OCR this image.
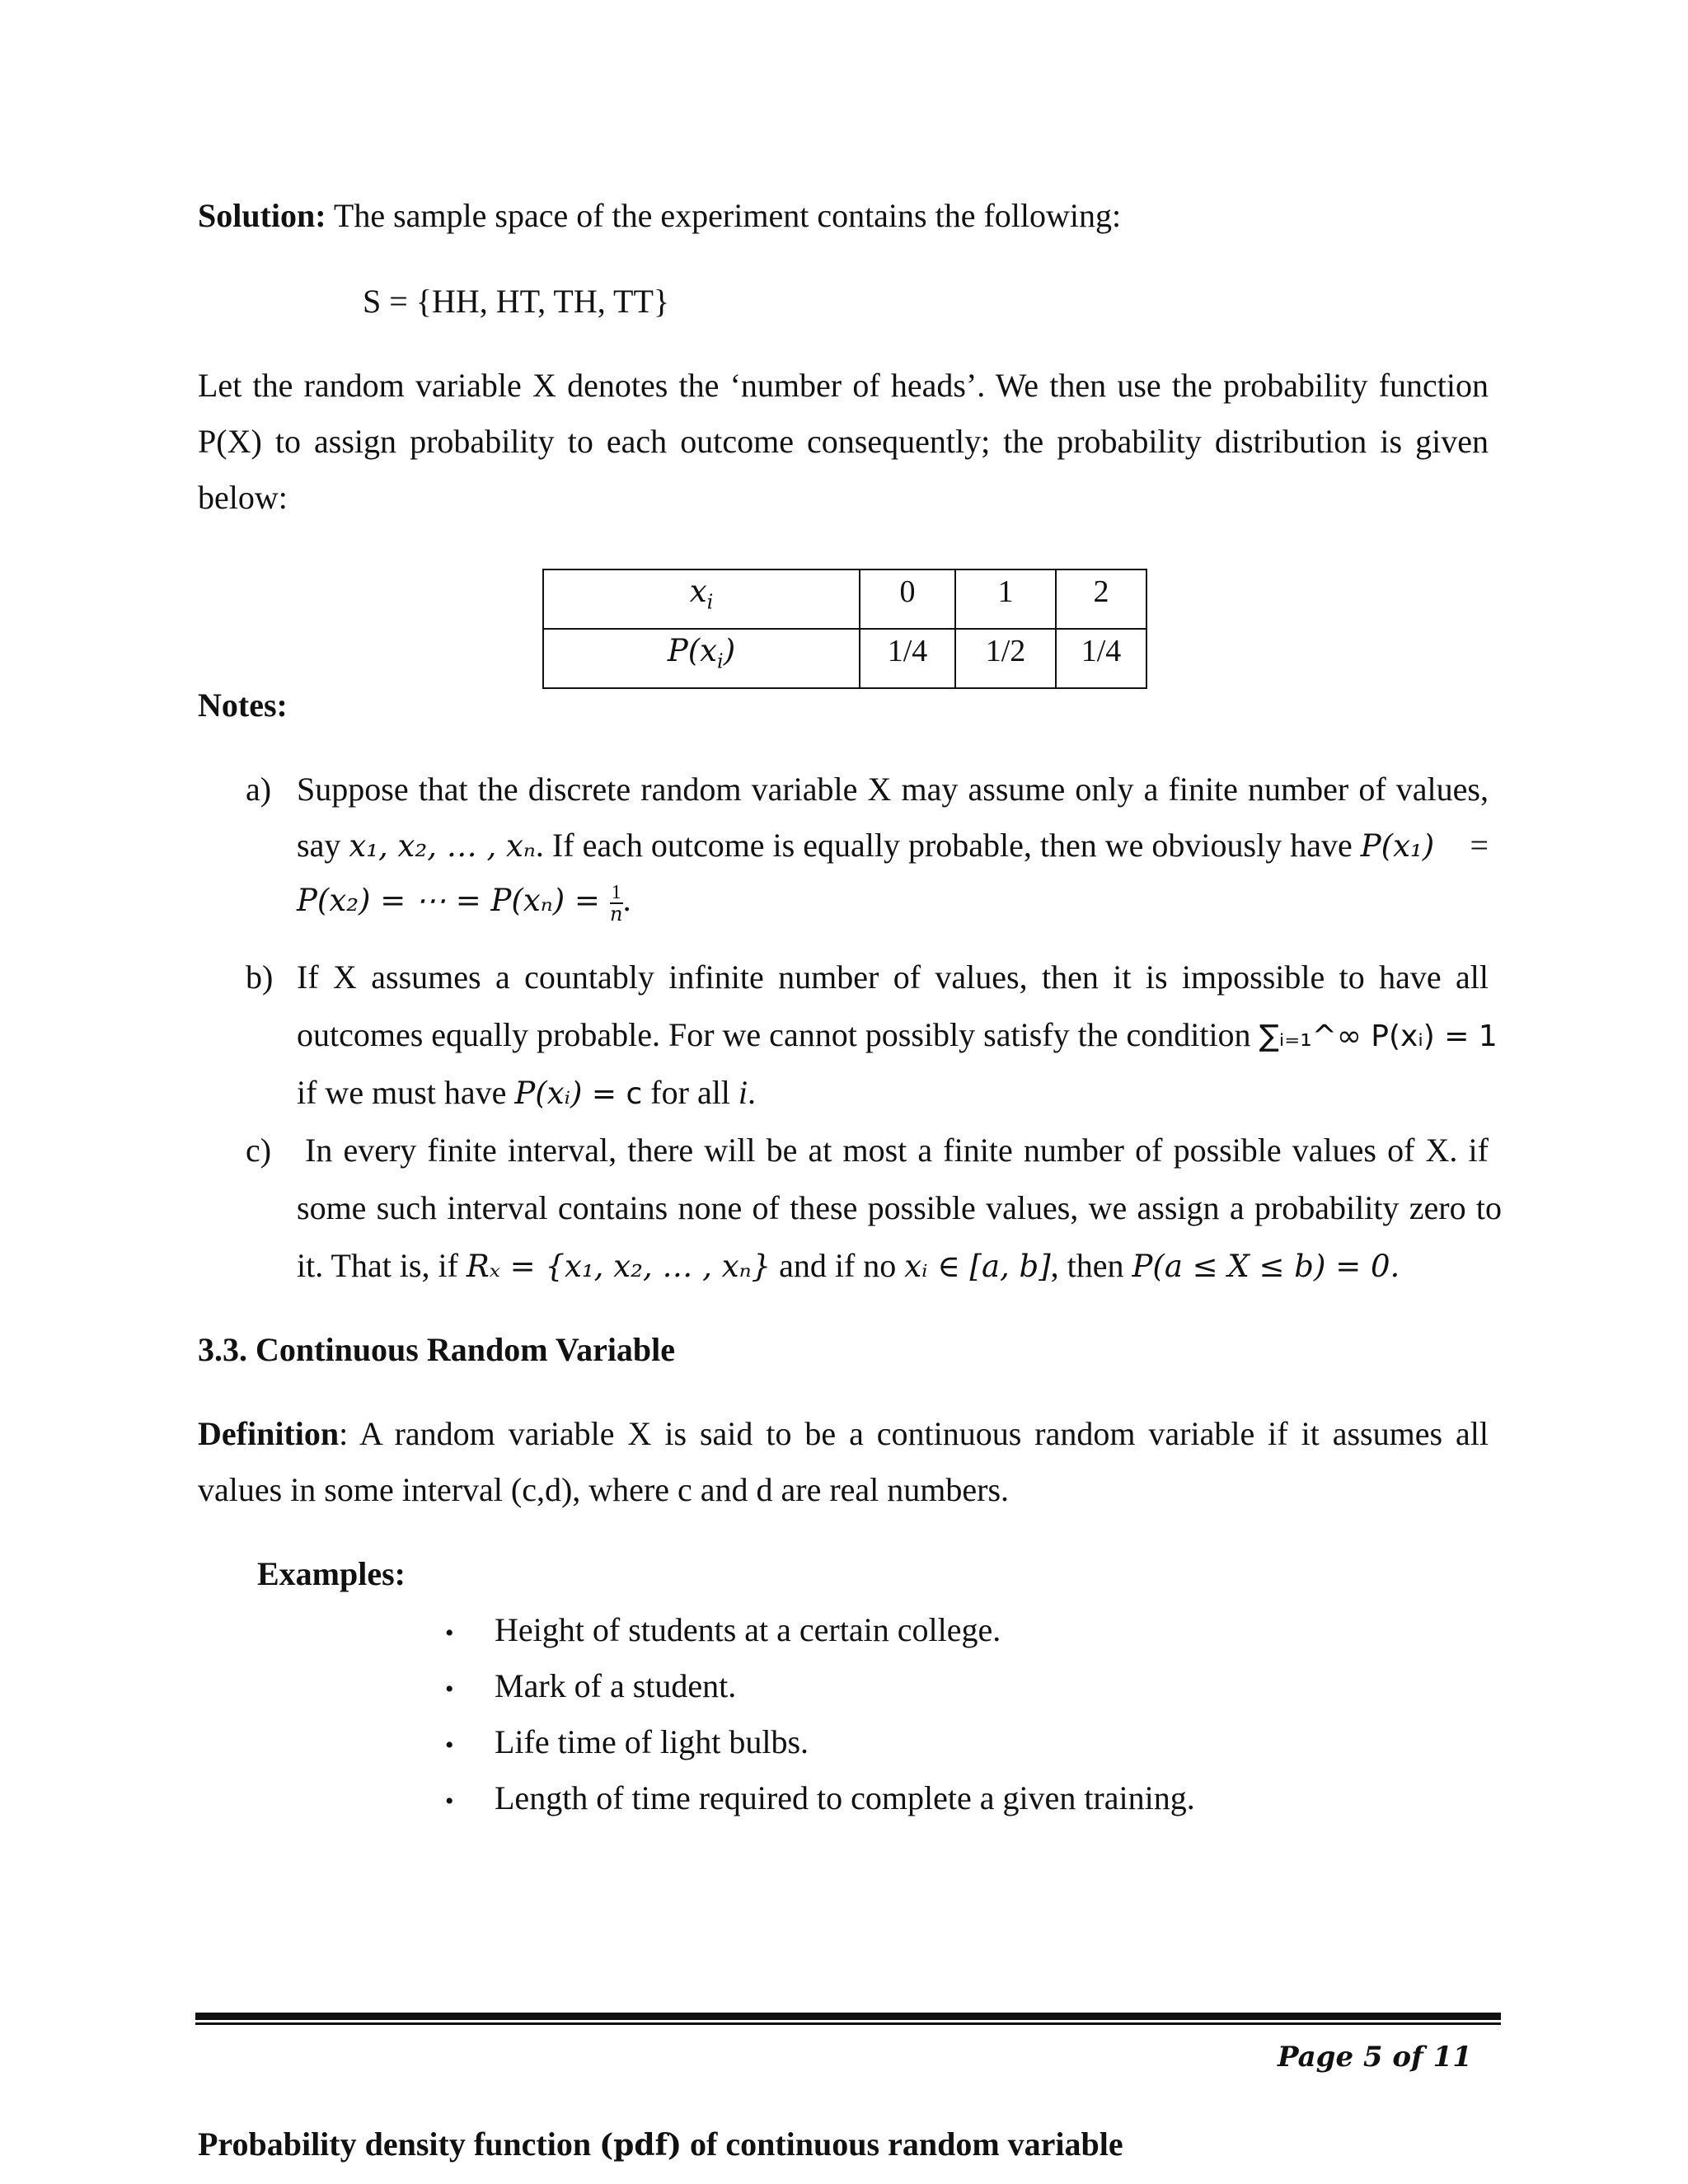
Solution: The sample space of the experiment contains the following:
S = {HH, HT, TH, TT}
Let the random variable X denotes the ‘number of heads’. We then use the probability function
P(X) to assign probability to each outcome consequently; the probability distribution is given
below:
$x_i$	0	1	2
$P(x_i)$	1/4	1/2	1/4
Notes:
a) Suppose that the discrete random variable X may assume only a finite number of values,
say x₁, x₂, … , xₙ. If each outcome is equally probable, then we obviously have P(x₁) =
P(x₂) = ⋯ = $P(x_n) = \frac{1}{n}$ .
b) If X assumes a countably infinite number of values, then it is impossible to have all
outcomes equally probable. For we cannot possibly satisfy the condition ∑ᵢ₌₁^∞ P(xᵢ) = 1
if we must have P(xᵢ) = c for all i.
c) In every finite interval, there will be at most a finite number of possible values of X. if
some such interval contains none of these possible values, we assign a probability zero to
it. That is, if Rₓ = {x₁, x₂, … , xₙ} and if no xᵢ ∈ [a, b], then P(a ≤ X ≤ b) = 0.
3.3. Continuous Random Variable
Definition: A random variable X is said to be a continuous random variable if it assumes all
values in some interval (c,d), where c and d are real numbers.
Examples:
• Height of students at a certain college.
• Mark of a student.
• Life time of light bulbs.
• Length of time required to complete a given training.
Page 5 of 11
Probability density function (pdf) of continuous random variable
